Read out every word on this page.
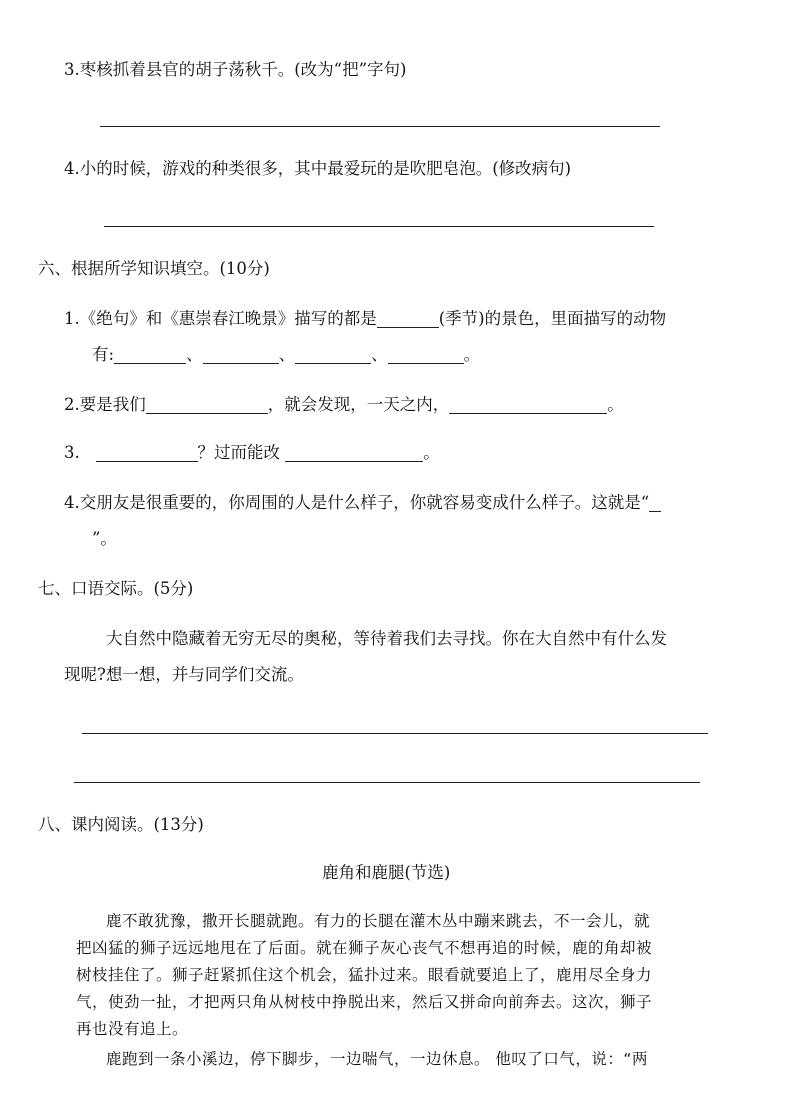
3.枣核抓着县官的胡子荡秋千。(改为“把”字句)
4.小的时候，游戏的种类很多，其中最爱玩的是吹肥皂泡。(修改病句)
六、根据所学知识填空。(10分)
1.《绝句》和《惠崇春江晚景》描写的都是	(季节)的景色，里面描写的动物
有:	、	、	、	。
2.要是我们	，就会发现，一天之内，	。
3.	？过而能改	。
4.交朋友是很重要的，你周围的人是什么样子，你就容易变成什么样子。这就是“
”。
七、口语交际。(5分)
大自然中隐藏着无穷无尽的奥秘，等待着我们去寻找。你在大自然中有什么发
现呢?想一想，并与同学们交流。
八、课内阅读。(13分)
鹿角和鹿腿(节选)
鹿不敢犹豫，撒开长腿就跑。有力的长腿在灌木丛中蹦来跳去，不一会儿，就
把凶猛的狮子远远地甩在了后面。就在狮子灰心丧气不想再追的时候，鹿的角却被
树枝挂住了。狮子赶紧抓住这个机会，猛扑过来。眼看就要追上了，鹿用尽全身力
气，使劲一扯，才把两只角从树枝中挣脱出来，然后又拼命向前奔去。这次，狮子
再也没有追上。
鹿跑到一条小溪边，停下脚步，一边喘气，一边休息。 他叹了口气，说：“两
